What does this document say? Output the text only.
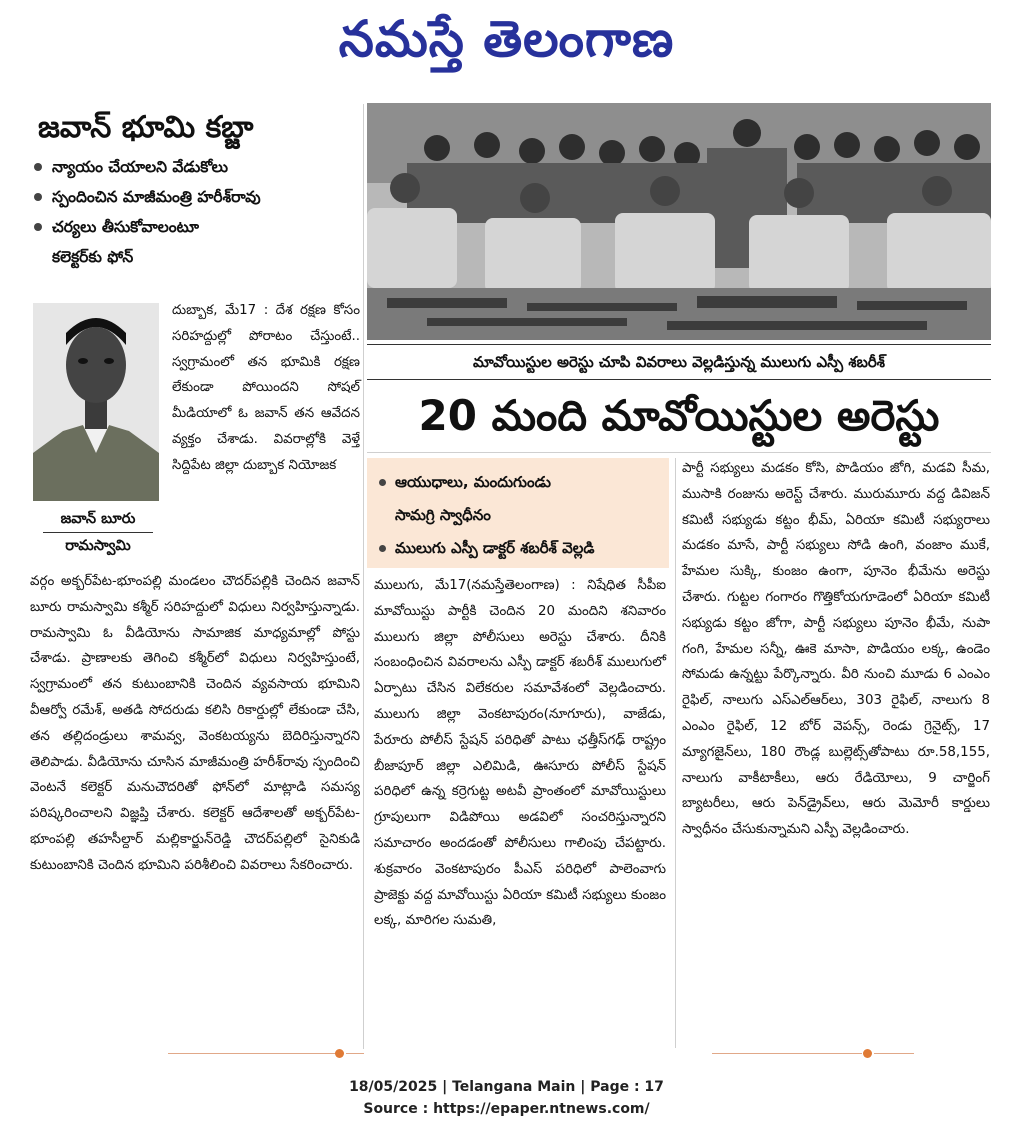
నమస్తే తెలంగాణ
జవాన్ భూమి కబ్జా
న్యాయం చేయాలని వేడుకోలు
స్పందించిన మాజీమంత్రి హరీశ్‌రావు
చర్యలు తీసుకోవాలంటూ
కలెక్టర్‌కు ఫోన్
జవాన్ బూరు
రామస్వామి
దుబ్బాక, మే17 : దేశ రక్షణ కోసం సరిహద్దుల్లో పోరాటం చేస్తుంటే.. స్వగ్రామంలో తన భూమికి రక్షణ లేకుండా పోయిందని సోషల్ మీడియాలో ఓ జవాన్ తన ఆవేదన వ్యక్తం చేశాడు. వివరాల్లోకి వెళ్తే సిద్దిపేట జిల్లా దుబ్బాక నియోజక
వర్గం అక్బర్‌పేట-భూంపల్లి మండలం చౌదర్‌పల్లికి చెందిన జవాన్ బూరు రామస్వామి కశ్మీర్ సరిహద్దులో విధులు నిర్వహిస్తున్నాడు. రామస్వామి ఓ వీడియోను సామాజిక మాధ్యమాల్లో పోస్టు చేశాడు. ప్రాణాలకు తెగించి కశ్మీర్‌లో విధులు నిర్వహిస్తుంటే, స్వగ్రామంలో తన కుటుంబానికి చెందిన వ్యవసాయ భూమిని వీఆర్వో రమేశ్, అతడి సోదరుడు కలిసి రికార్డుల్లో లేకుండా చేసి, తన తల్లిదండ్రులు శామవ్వ, వెంకటయ్యను బెదిరిస్తున్నారని తెలిపాడు. వీడియోను చూసిన మాజీమంత్రి హరీశ్‌రావు స్పందించి వెంటనే కలెక్టర్ మనుచౌదరితో ఫోన్‌లో మాట్లాడి సమస్య పరిష్కరించాలని విజ్ఞప్తి చేశారు. కలెక్టర్ ఆదేశాలతో అక్బర్‌పేట-భూంపల్లి తహసీల్దార్ మల్లికార్జున్‌రెడ్డి చౌదర్‌పల్లిలో సైనికుడి కుటుంబానికి చెందిన భూమిని పరిశీలించి వివరాలు సేకరించారు.
మావోయిస్టుల అరెస్టు చూపి వివరాలు వెల్లడిస్తున్న ములుగు ఎస్పీ శబరీశ్
20 మంది మావోయిస్టుల అరెస్టు
ఆయుధాలు, మందుగుండు
సామగ్రి స్వాధీనం
ములుగు ఎస్పీ డాక్టర్ శబరీశ్ వెల్లడి
ములుగు, మే17(నమస్తేతెలంగాణ) : నిషేధిత సీపీఐ మావోయిస్టు పార్టీకి చెందిన 20 మందిని శనివారం ములుగు జిల్లా పోలీసులు అరెస్టు చేశారు. దీనికి సంబంధించిన వివరాలను ఎస్పీ డాక్టర్ శబరీశ్ ములుగులో ఏర్పాటు చేసిన విలేకరుల సమావేశంలో వెల్లడించారు. ములుగు జిల్లా వెంకటాపురం(నూగూరు), వాజేడు, పేరూరు పోలీస్ స్టేషన్ పరిధితో పాటు ఛత్తీస్‌గఢ్ రాష్ట్రం బీజాపూర్ జిల్లా ఎలిమిడి, ఊసూరు పోలీస్ స్టేషన్ పరిధిలో ఉన్న కర్రెగుట్ట అటవీ ప్రాంతంలో మావోయిస్టులు గ్రూపులుగా విడిపోయి అడవిలో సంచరిస్తున్నారని సమాచారం అందడంతో పోలీసులు గాలింపు చేపట్టారు. శుక్రవారం వెంకటాపురం పీఎస్ పరిధిలో పాలెంవాగు ప్రాజెక్టు వద్ద మావోయిస్టు ఏరియా కమిటీ సభ్యులు కుంజం లక్క, మారిగల సుమతి,
పార్టీ సభ్యులు మడకం కోసి, పొడియం జోగి, మడవి సీమ, ముసాకి రంజును అరెస్ట్ చేశారు. మురుమూరు వద్ద డివిజన్ కమిటీ సభ్యుడు కట్టం భీమ్, ఏరియా కమిటీ సభ్యురాలు మడకం మాసే, పార్టీ సభ్యులు సోడి ఉంగి, వంజాం ముకే, హేమల సుక్కి, కుంజం ఉంగా, పూనెం భీమేను అరెస్టు చేశారు. గుట్టల గంగారం గొత్తికోయగూడెంలో ఏరియా కమిటీ సభ్యుడు కట్టం జోగా, పార్టీ సభ్యులు పూనెం భీమే, నుపా గంగి, హేమల సన్నీ, ఊకె మాసా, పొడియం లక్క, ఉండెం సోమడు ఉన్నట్టు పేర్కొన్నారు. వీరి నుంచి మూడు 6 ఎంఎం రైఫిల్, నాలుగు ఎస్ఎల్ఆర్‌లు, 303 రైఫిల్, నాలుగు 8 ఎంఎం రైఫిల్, 12 బోర్ వెపన్స్, రెండు గ్రెనైట్స్, 17 మ్యాగజైన్‌లు, 180 రౌండ్ల బుల్లెట్స్‌తోపాటు రూ.58,155, నాలుగు వాకీటాకీలు, ఆరు రేడియోలు, 9 చార్జింగ్ బ్యాటరీలు, ఆరు పెన్‌డ్రైవ్‌లు, ఆరు మెమోరీ కార్డులు స్వాధీనం చేసుకున్నామని ఎస్పీ వెల్లడించారు.
18/05/2025 | Telangana Main | Page : 17
Source : https://epaper.ntnews.com/
